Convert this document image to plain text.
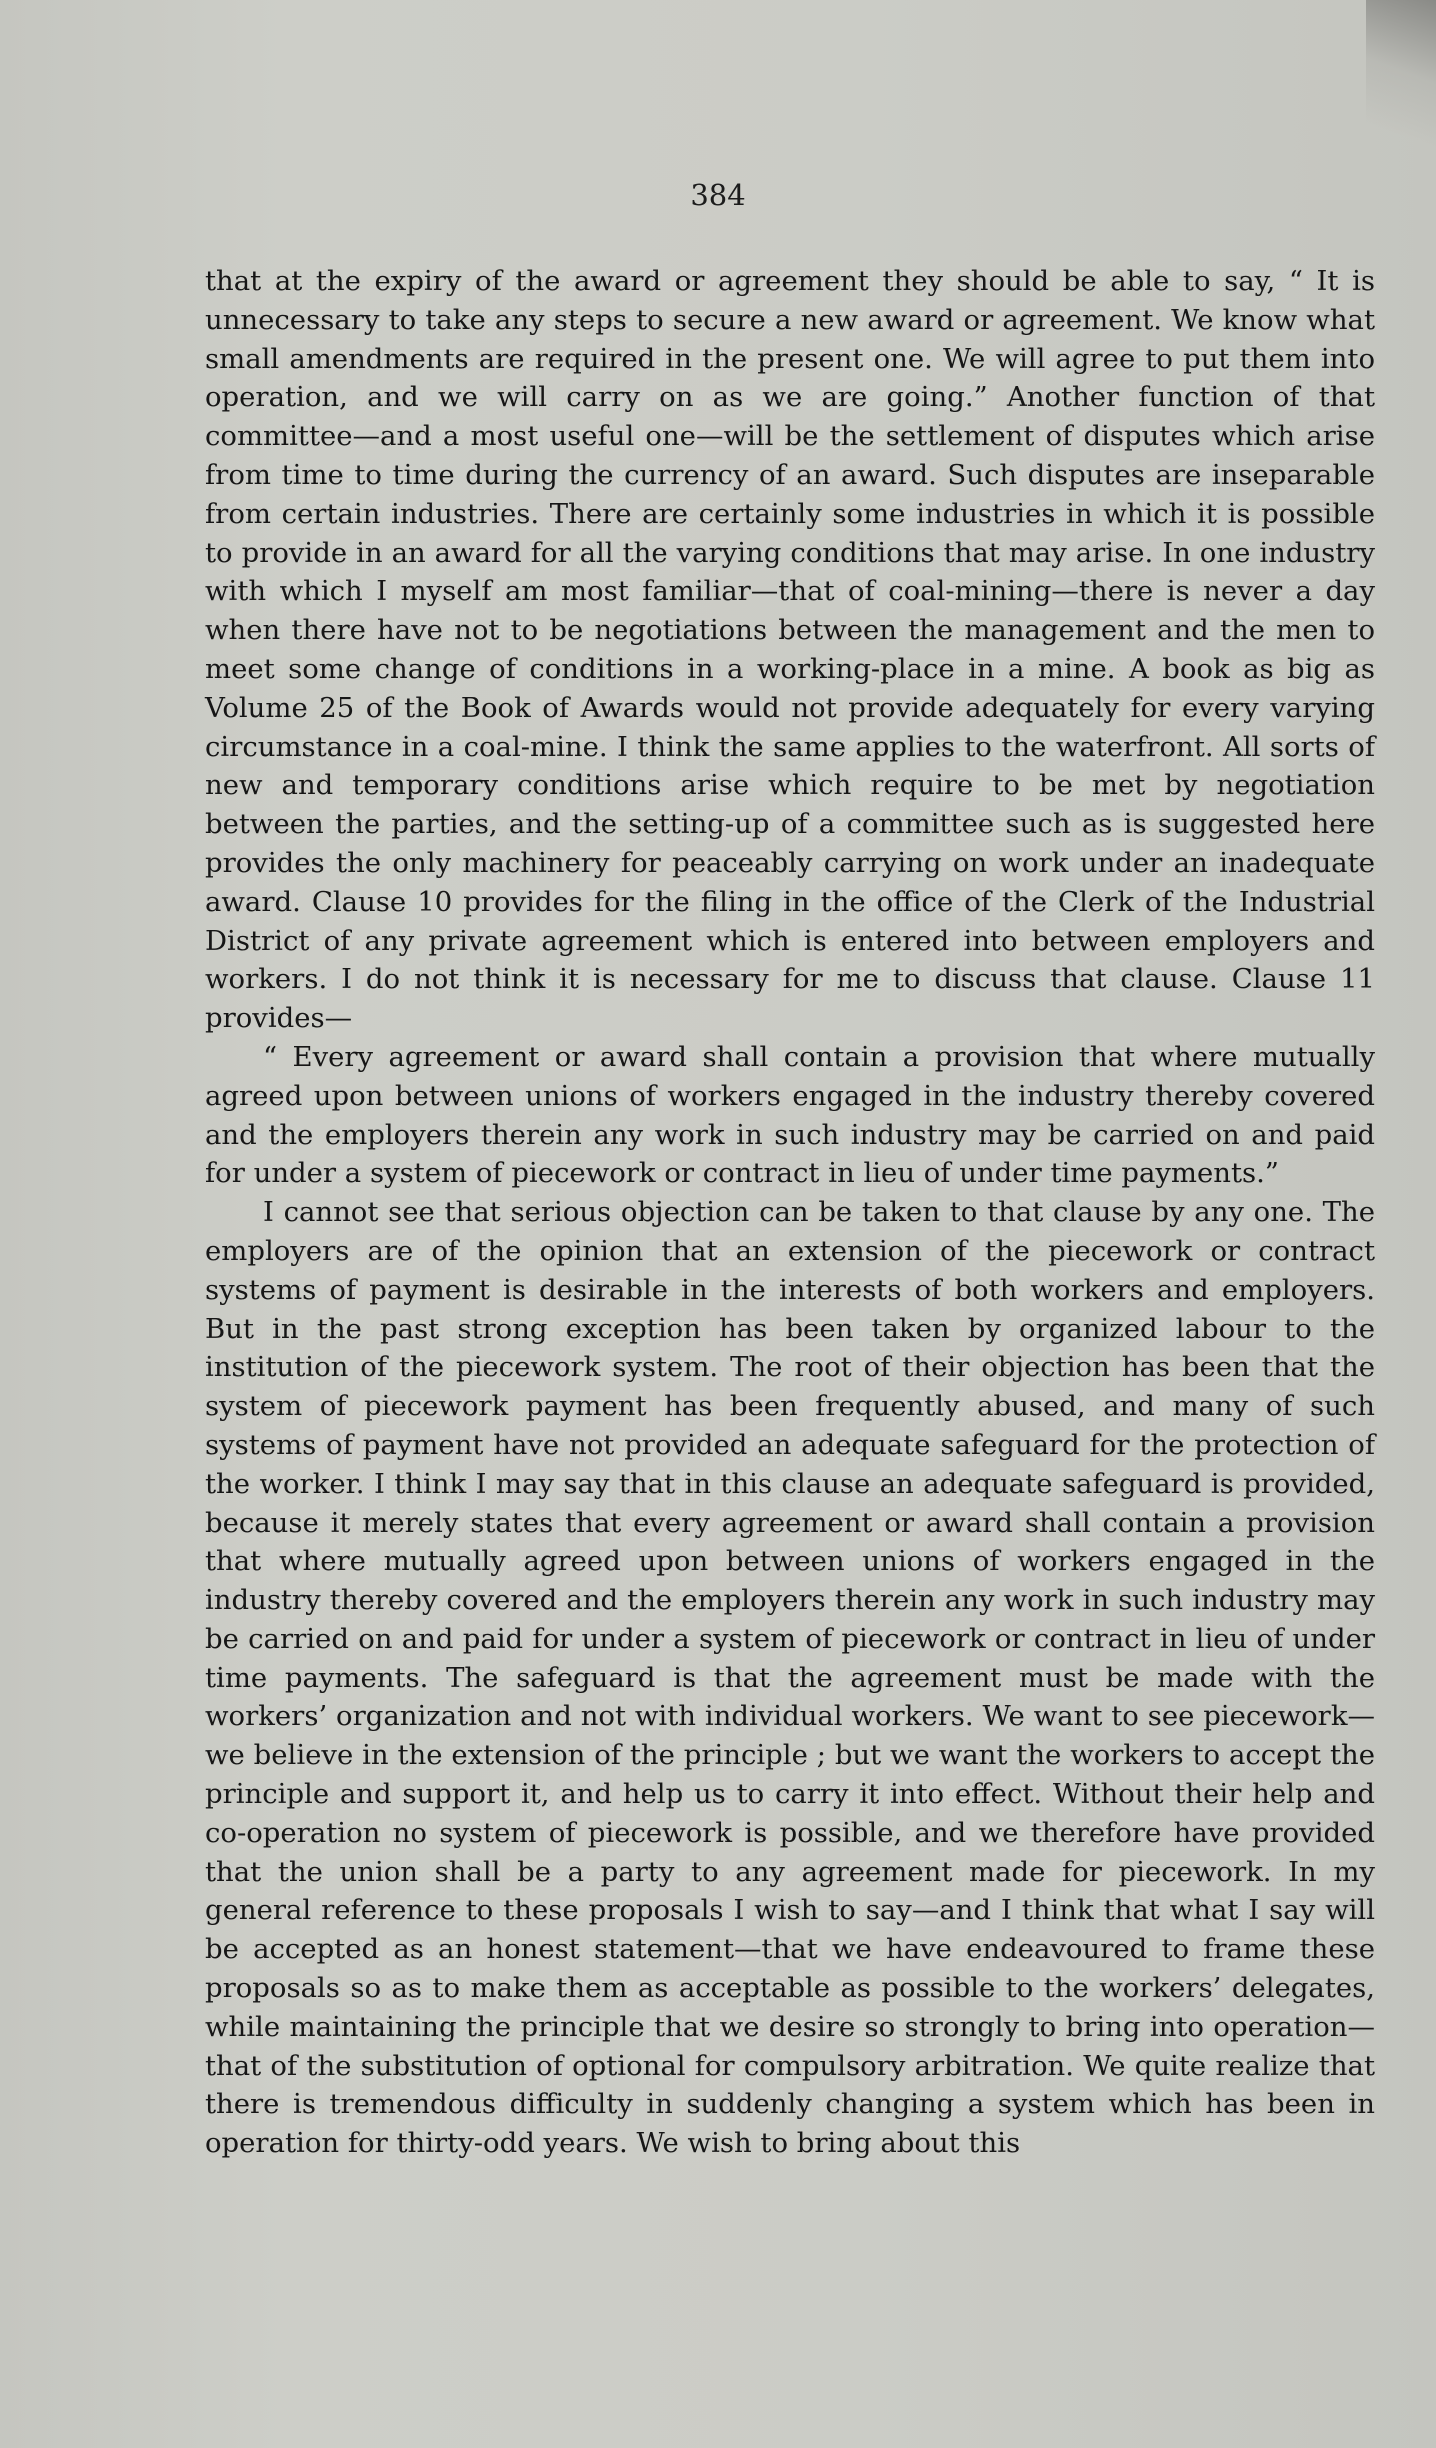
384

that at the expiry of the award or agreement they should be able to say, “ It is unnecessary to take any steps to secure a new award or agreement. We know what small amendments are required in the present one. We will agree to put them into operation, and we will carry on as we are going.” Another function of that committee—and a most useful one—will be the settlement of disputes which arise from time to time during the currency of an award. Such disputes are inseparable from certain industries. There are certainly some industries in which it is possible to provide in an award for all the varying conditions that may arise. In one industry with which I myself am most familiar—that of coal-mining—there is never a day when there have not to be negotiations between the management and the men to meet some change of conditions in a working-place in a mine. A book as big as Volume 25 of the Book of Awards would not provide adequately for every varying circumstance in a coal-mine. I think the same applies to the waterfront. All sorts of new and temporary conditions arise which require to be met by negotiation between the parties, and the setting-up of a committee such as is suggested here provides the only machinery for peaceably carrying on work under an inadequate award. Clause 10 provides for the filing in the office of the Clerk of the Industrial District of any private agreement which is entered into between employers and workers. I do not think it is necessary for me to discuss that clause. Clause 11 provides—

“ Every agreement or award shall contain a provision that where mutually agreed upon between unions of workers engaged in the industry thereby covered and the employers therein any work in such industry may be carried on and paid for under a system of piecework or contract in lieu of under time payments.”

I cannot see that serious objection can be taken to that clause by any one. The employers are of the opinion that an extension of the piecework or contract systems of payment is desirable in the interests of both workers and employers. But in the past strong exception has been taken by organized labour to the institution of the piecework system. The root of their objection has been that the system of piecework payment has been frequently abused, and many of such systems of payment have not provided an adequate safeguard for the protection of the worker. I think I may say that in this clause an adequate safeguard is provided, because it merely states that every agreement or award shall contain a provision that where mutually agreed upon between unions of workers engaged in the industry thereby covered and the employers therein any work in such industry may be carried on and paid for under a system of piecework or contract in lieu of under time payments. The safeguard is that the agreement must be made with the workers’ organization and not with individual workers. We want to see piecework—we believe in the extension of the principle ; but we want the workers to accept the principle and support it, and help us to carry it into effect. Without their help and co-operation no system of piecework is possible, and we therefore have provided that the union shall be a party to any agreement made for piecework. In my general reference to these proposals I wish to say—and I think that what I say will be accepted as an honest statement—that we have endeavoured to frame these proposals so as to make them as acceptable as possible to the workers’ delegates, while maintaining the principle that we desire so strongly to bring into operation—that of the substitution of optional for compulsory arbitration. We quite realize that there is tremendous difficulty in suddenly changing a system which has been in operation for thirty-odd years. We wish to bring about this
